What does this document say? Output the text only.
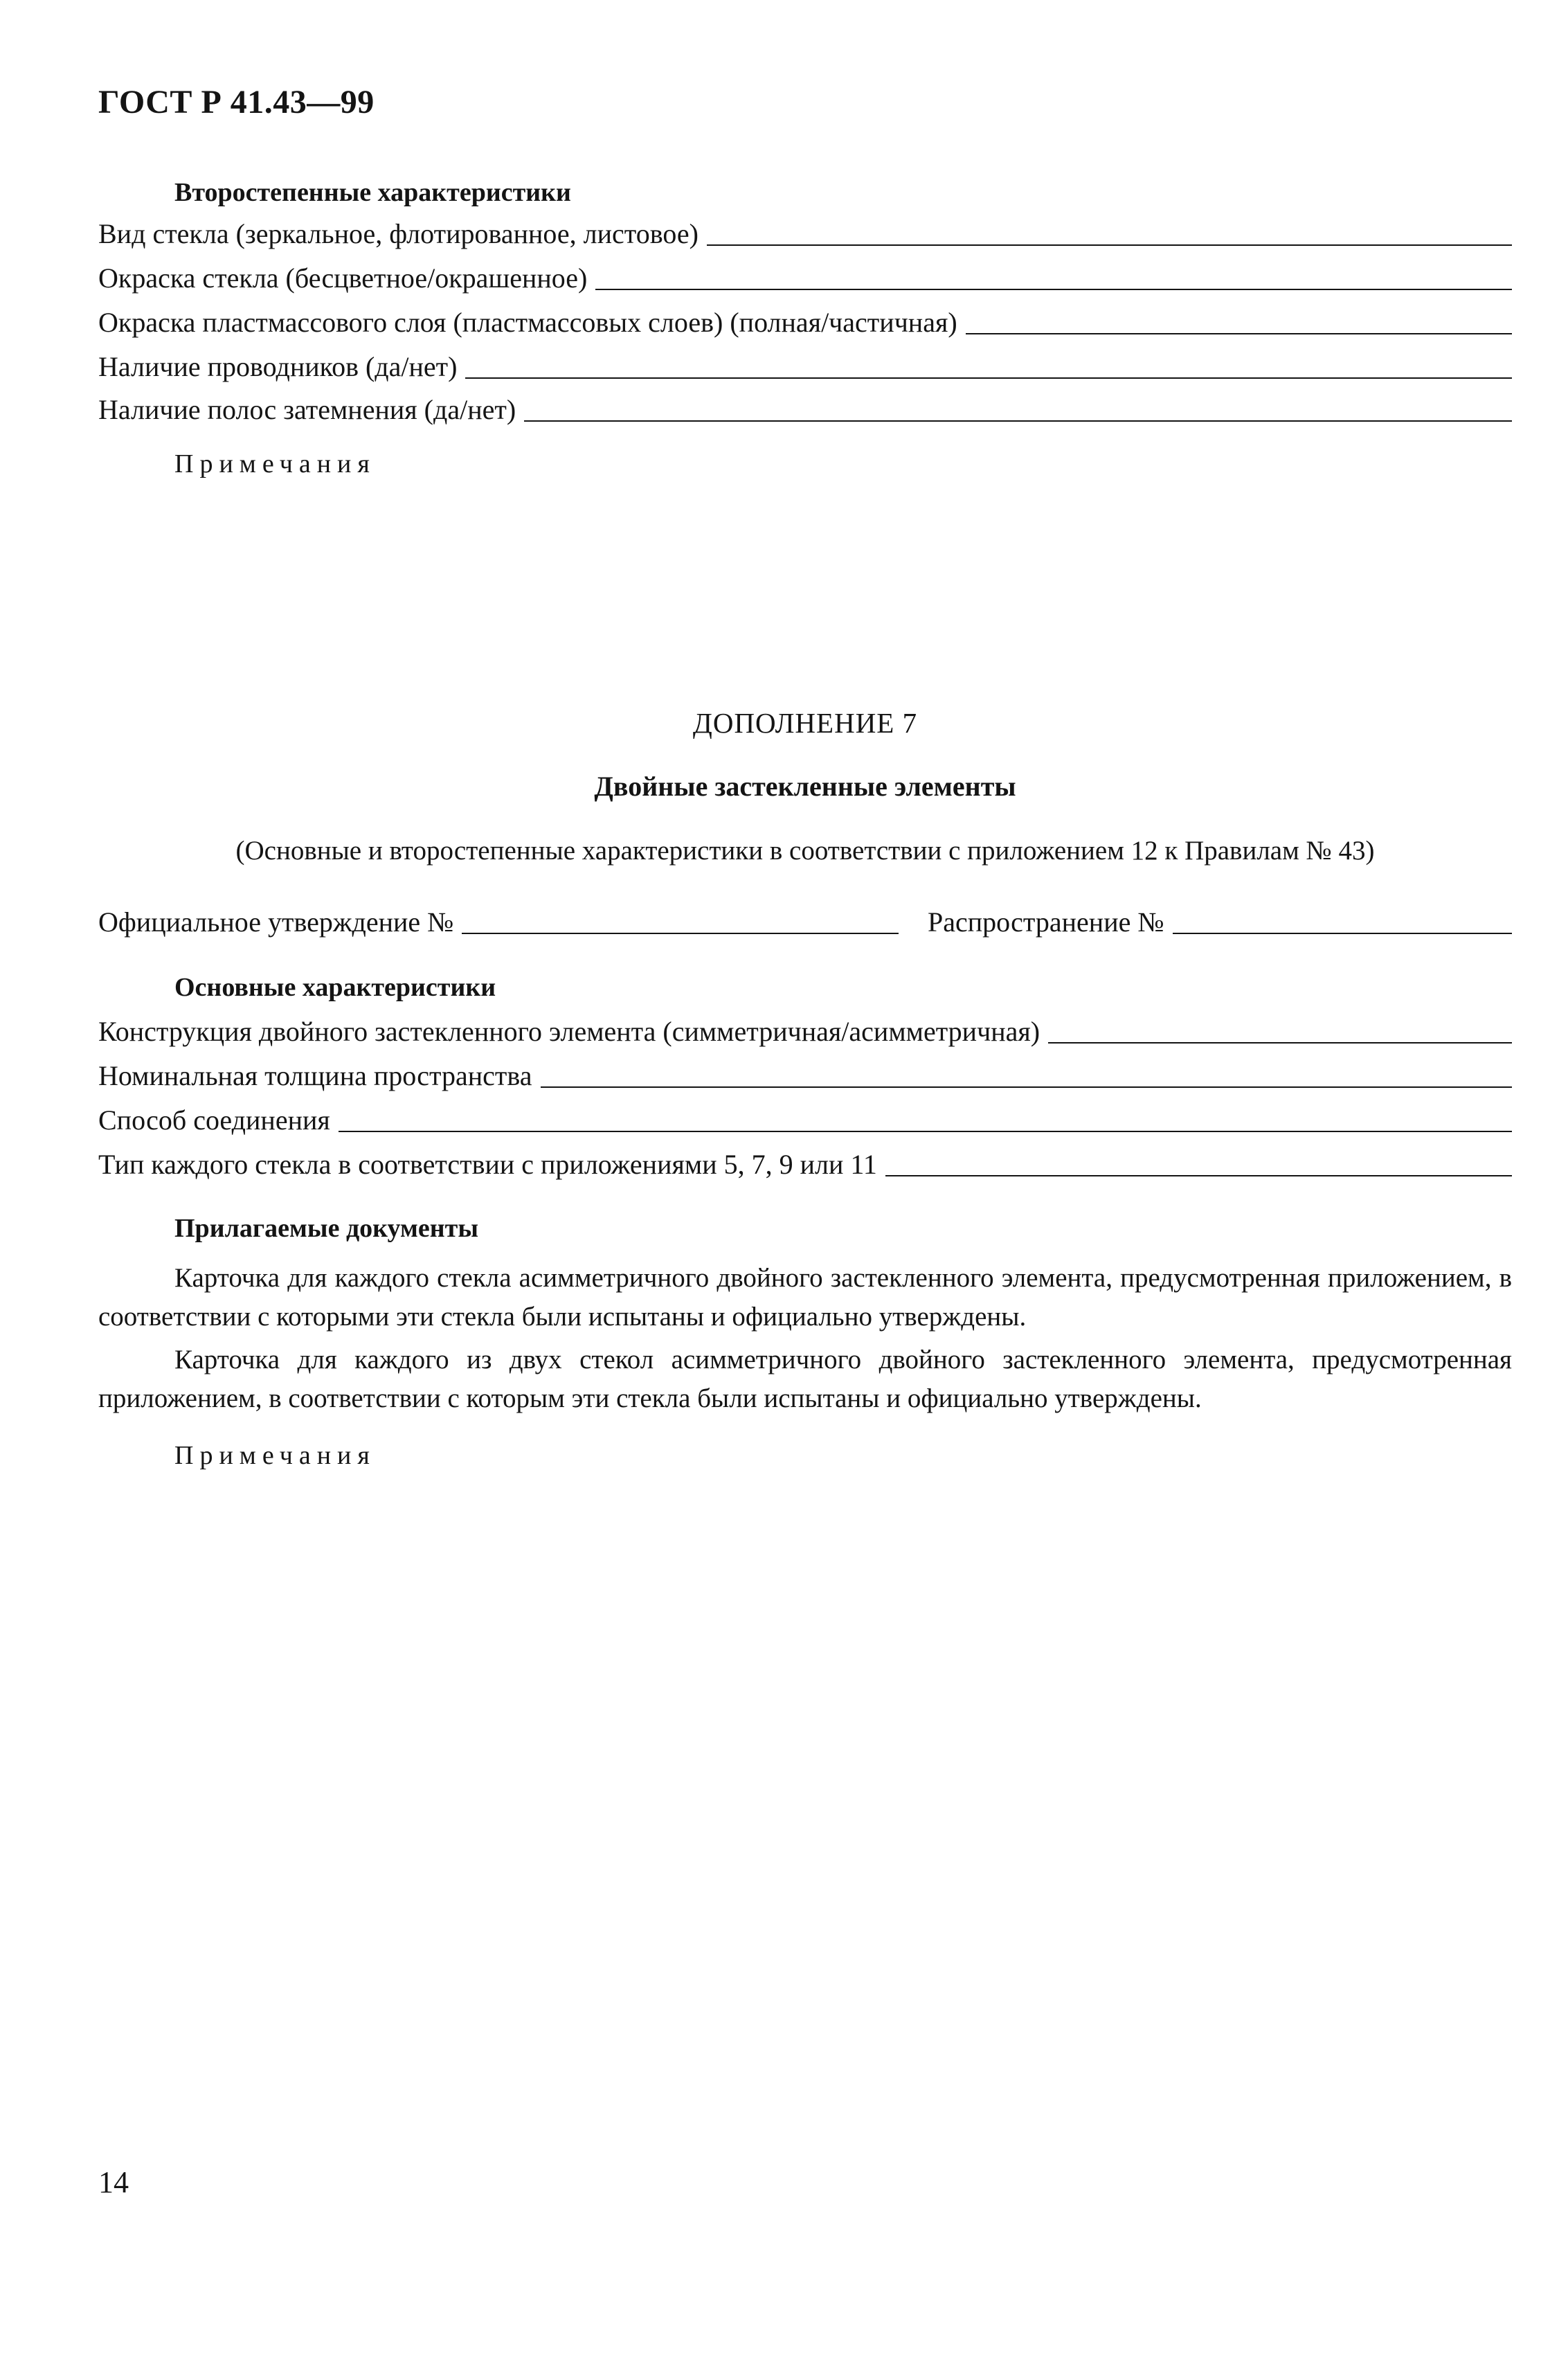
ГОСТ Р 41.43—99
Второстепенные характеристики
Вид стекла (зеркальное, флотированное, листовое)
Окраска стекла (бесцветное/окрашенное)
Окраска пластмассового слоя (пластмассовых слоев) (полная/частичная)
Наличие проводников (да/нет)
Наличие полос затемнения (да/нет)
Примечания
ДОПОЛНЕНИЕ 7
Двойные застекленные элементы
(Основные и второстепенные характеристики в соответствии с приложением 12 к Правилам № 43)
Официальное утверждение №	Распространение №
Основные характеристики
Конструкция двойного застекленного элемента (симметричная/асимметричная)
Номинальная толщина пространства
Способ соединения
Тип каждого стекла в соответствии с приложениями 5, 7, 9 или 11
Прилагаемые документы
Карточка для каждого стекла асимметричного двойного застекленного элемента, предусмотренная приложением, в соответствии с которыми эти стекла были испытаны и официально утверждены.
Карточка для каждого из двух стекол асимметричного двойного застекленного элемента, предусмотренная приложением, в соответствии с которым эти стекла были испытаны и официально утверждены.
Примечания
14
